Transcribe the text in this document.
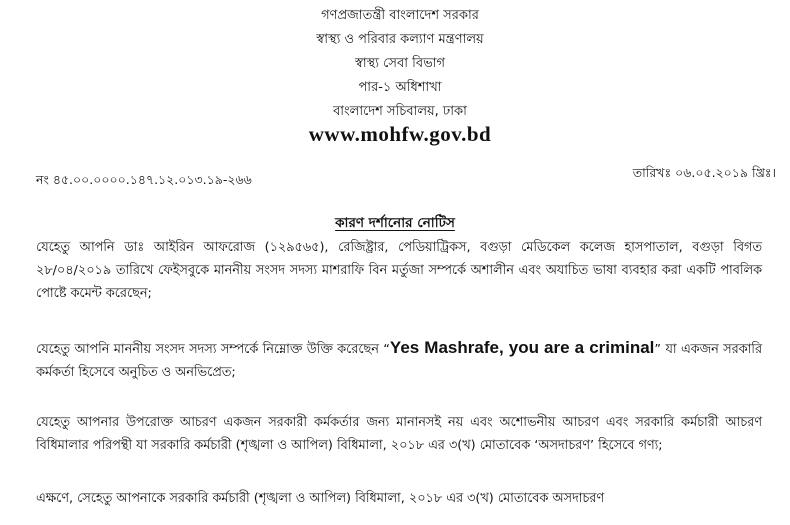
গণপ্রজাতন্ত্রী বাংলাদেশ সরকার
স্বাস্থ্য ও পরিবার কল্যাণ মন্ত্রণালয়
স্বাস্থ্য সেবা বিভাগ
পার-১ অধিশাখা
বাংলাদেশ সচিবালয়, ঢাকা
www.mohfw.gov.bd
নং ৪৫.০০.০০০০.১৪৭.১২.০১৩.১৯-২৬৬	তারিখঃ ০৬.০৫.২০১৯ খ্রিঃ।
কারণ দর্শানোর নোটিস
যেহেতু আপনি ডাঃ আইরিন আফরোজ (১২৯৫৬৫), রেজিষ্ট্রার, পেডিয়াট্রিকস, বগুড়া মেডিকেল কলেজ হাসপাতাল, বগুড়া বিগত ২৮/০৪/২০১৯ তারিখে ফেইসবুকে মাননীয় সংসদ সদস্য মাশরাফি বিন মর্তুজা সম্পর্কে অশালীন এবং অযাচিত ভাষা ব্যবহার করা একটি পাবলিক পোষ্টে কমেন্ট করেছেন;
যেহেতু আপনি মাননীয় সংসদ সদস্য সম্পর্কে নিম্নোক্ত উক্তি করেছেন “Yes Mashrafe, you are a criminal” যা একজন সরকারি কর্মকর্তা হিসেবে অনুচিত ও অনভিপ্রেত;
যেহেতু আপনার উপরোক্ত আচরণ একজন সরকারী কর্মকর্তার জন্য মানানসই নয় এবং অশোভনীয় আচরণ এবং সরকারি কর্মচারী আচরণ বিধিমালার পরিপন্থী যা সরকারি কর্মচারী (শৃঙ্খলা ও আপিল) বিধিমালা, ২০১৮ এর ৩(খ) মোতাবেক ‘অসদাচরণ’ হিসেবে গণ্য;
এক্ষণে, সেহেতু আপনাকে সরকারি কর্মচারী (শৃঙ্খলা ও আপিল) বিধিমালা, ২০১৮ এর ৩(খ) মোতাবেক অসদাচরণ
